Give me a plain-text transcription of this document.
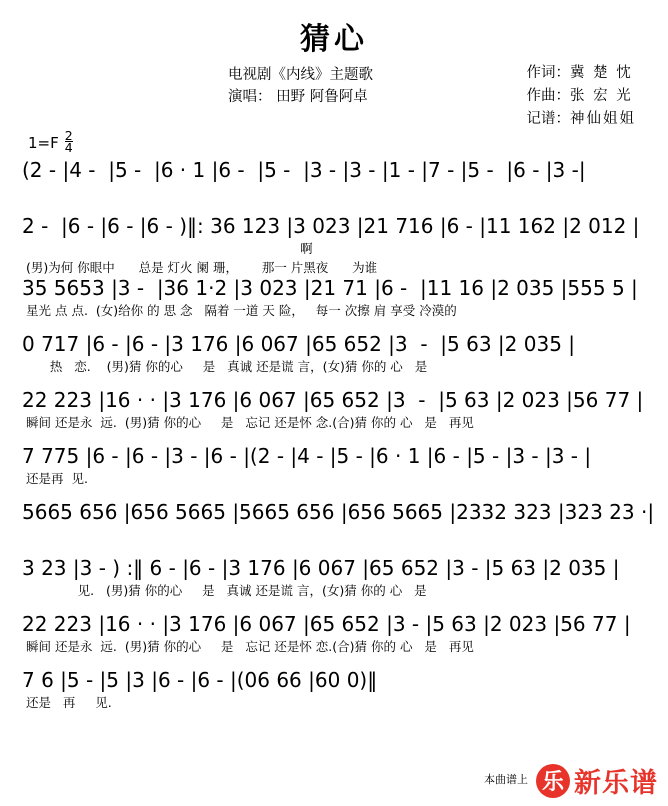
猜心
电视剧《内线》主题歌
演唱： 田野 阿鲁阿卓
作词：冀 楚 忱
作曲：张 宏 光
记谱：神仙姐姐
$1=F \frac{2}{4}$
(2 - |4 -  |5 -  |6 · 1 |6 -  |5 -  |3 - |3 - |1 - |7 - |5 -  |6 - |3 -|
2 -  |6 - |6 - |6 - )‖: 36 123 |3 023 |21 716 |6 - |11 162 |2 012 |
啊
(男)为何 你眼中      总是 灯火 阑 珊，      那一 片黑夜      为谁
35 5653 |3 -  |36 1·2 |3 023 |21 71 |6 -  |11 16 |2 035 |555 5 |
星光 点 点.  (女)给你 的 思 念   隔着 一道 天 险，   每一 次擦 肩 享受 冷漠的
0 717 |6 - |6 - |3 176 |6 067 |65 652 |3  -  |5 63 |2 035 |
热   恋.    (男)猜 你的心     是   真诚 还是谎 言，(女)猜 你的 心   是
22 223 |16 · · |3 176 |6 067 |65 652 |3  -  |5 63 |2 023 |56 77 |
瞬间 还是永  远.  (男)猜 你的心     是   忘记 还是怀 念.(合)猜 你的 心   是   再见
7 775 |6 - |6 - |3 - |6 - |(2 - |4 - |5 - |6 · 1 |6 - |5 - |3 - |3 - |
还是再  见.
5665 656 |656 5665 |5665 656 |656 5665 |2332 323 |323 23 ·|
3 23 |3 - ) :‖ 6 - |6 - |3 176 |6 067 |65 652 |3 - |5 63 |2 035 |
见.   (男)猜 你的心     是   真诚 还是谎 言，(女)猜 你的 心   是
22 223 |16 · · |3 176 |6 067 |65 652 |3 - |5 63 |2 023 |56 77 |
瞬间 还是永  远.  (男)猜 你的心     是   忘记 还是怀 恋.(合)猜 你的 心   是   再见
7 6 |5 - |5 |3 |6 - |6 - |(06 66 |60 0)‖
还是   再     见.
本曲谱上 乐 新乐谱
